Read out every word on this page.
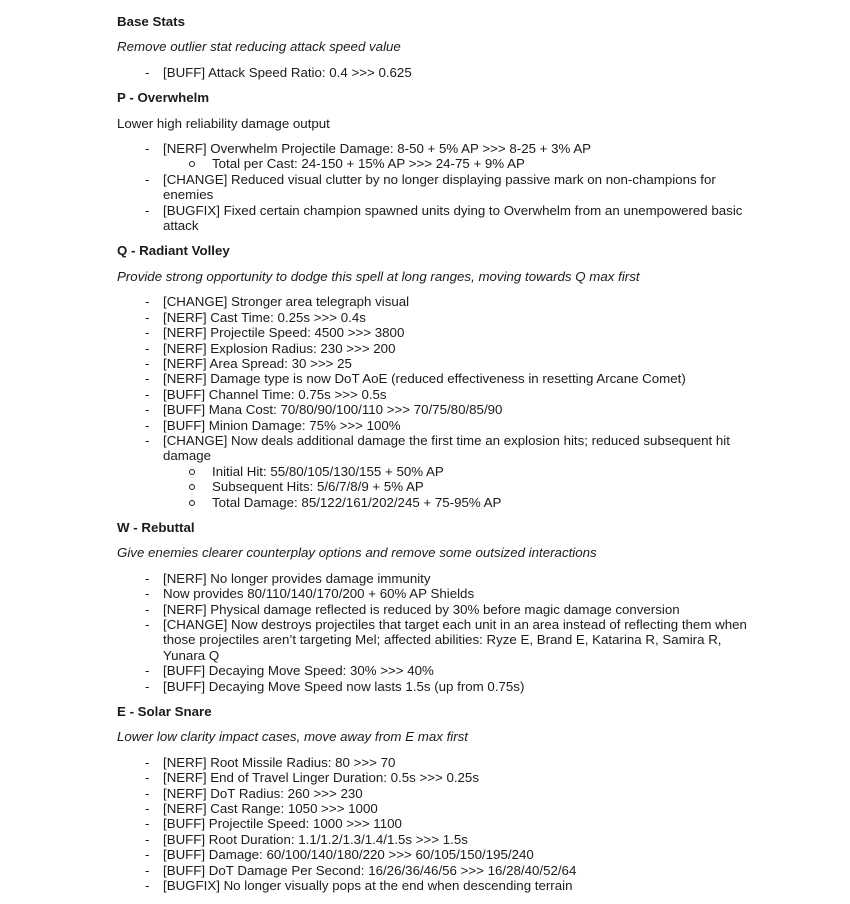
Base Stats

Remove outlier stat reducing attack speed value

- [BUFF] Attack Speed Ratio: 0.4 >>> 0.625
P - Overwhelm

Lower high reliability damage output

- [NERF] Overwhelm Projectile Damage: 8-50 + 5% AP >>> 8-25 + 3% AP
Total per Cast: 24-150 + 15% AP >>> 24-75 + 9% AP
- [CHANGE] Reduced visual clutter by no longer displaying passive mark on non-champions for enemies
- [BUGFIX] Fixed certain champion spawned units dying to Overwhelm from an unempowered basic attack
Q - Radiant Volley

Provide strong opportunity to dodge this spell at long ranges, moving towards Q max first

- [CHANGE] Stronger area telegraph visual
- [NERF] Cast Time: 0.25s >>> 0.4s
- [NERF] Projectile Speed: 4500 >>> 3800
- [NERF] Explosion Radius: 230 >>> 200
- [NERF] Area Spread: 30 >>> 25
- [NERF] Damage type is now DoT AoE (reduced effectiveness in resetting Arcane Comet)
- [BUFF] Channel Time: 0.75s >>> 0.5s
- [BUFF] Mana Cost: 70/80/90/100/110 >>> 70/75/80/85/90
- [BUFF] Minion Damage: 75% >>> 100%
- [CHANGE] Now deals additional damage the first time an explosion hits; reduced subsequent hit damage
Initial Hit: 55/80/105/130/155 + 50% AP
Subsequent Hits: 5/6/7/8/9 + 5% AP
Total Damage: 85/122/161/202/245 + 75-95% AP
W - Rebuttal

Give enemies clearer counterplay options and remove some outsized interactions

- [NERF] No longer provides damage immunity
- Now provides 80/110/140/170/200 + 60% AP Shields
- [NERF] Physical damage reflected is reduced by 30% before magic damage conversion
- [CHANGE] Now destroys projectiles that target each unit in an area instead of reflecting them when those projectiles aren’t targeting Mel; affected abilities: Ryze E, Brand E, Katarina R, Samira R, Yunara Q
- [BUFF] Decaying Move Speed: 30% >>> 40%
- [BUFF] Decaying Move Speed now lasts 1.5s (up from 0.75s)
E - Solar Snare

Lower low clarity impact cases, move away from E max first

- [NERF] Root Missile Radius: 80 >>> 70
- [NERF] End of Travel Linger Duration: 0.5s >>> 0.25s
- [NERF] DoT Radius: 260 >>> 230
- [NERF] Cast Range: 1050 >>> 1000
- [BUFF] Projectile Speed: 1000 >>> 1100
- [BUFF] Root Duration: 1.1/1.2/1.3/1.4/1.5s >>> 1.5s
- [BUFF] Damage: 60/100/140/180/220 >>> 60/105/150/195/240
- [BUFF] DoT Damage Per Second: 16/26/36/46/56 >>> 16/28/40/52/64
- [BUGFIX] No longer visually pops at the end when descending terrain
